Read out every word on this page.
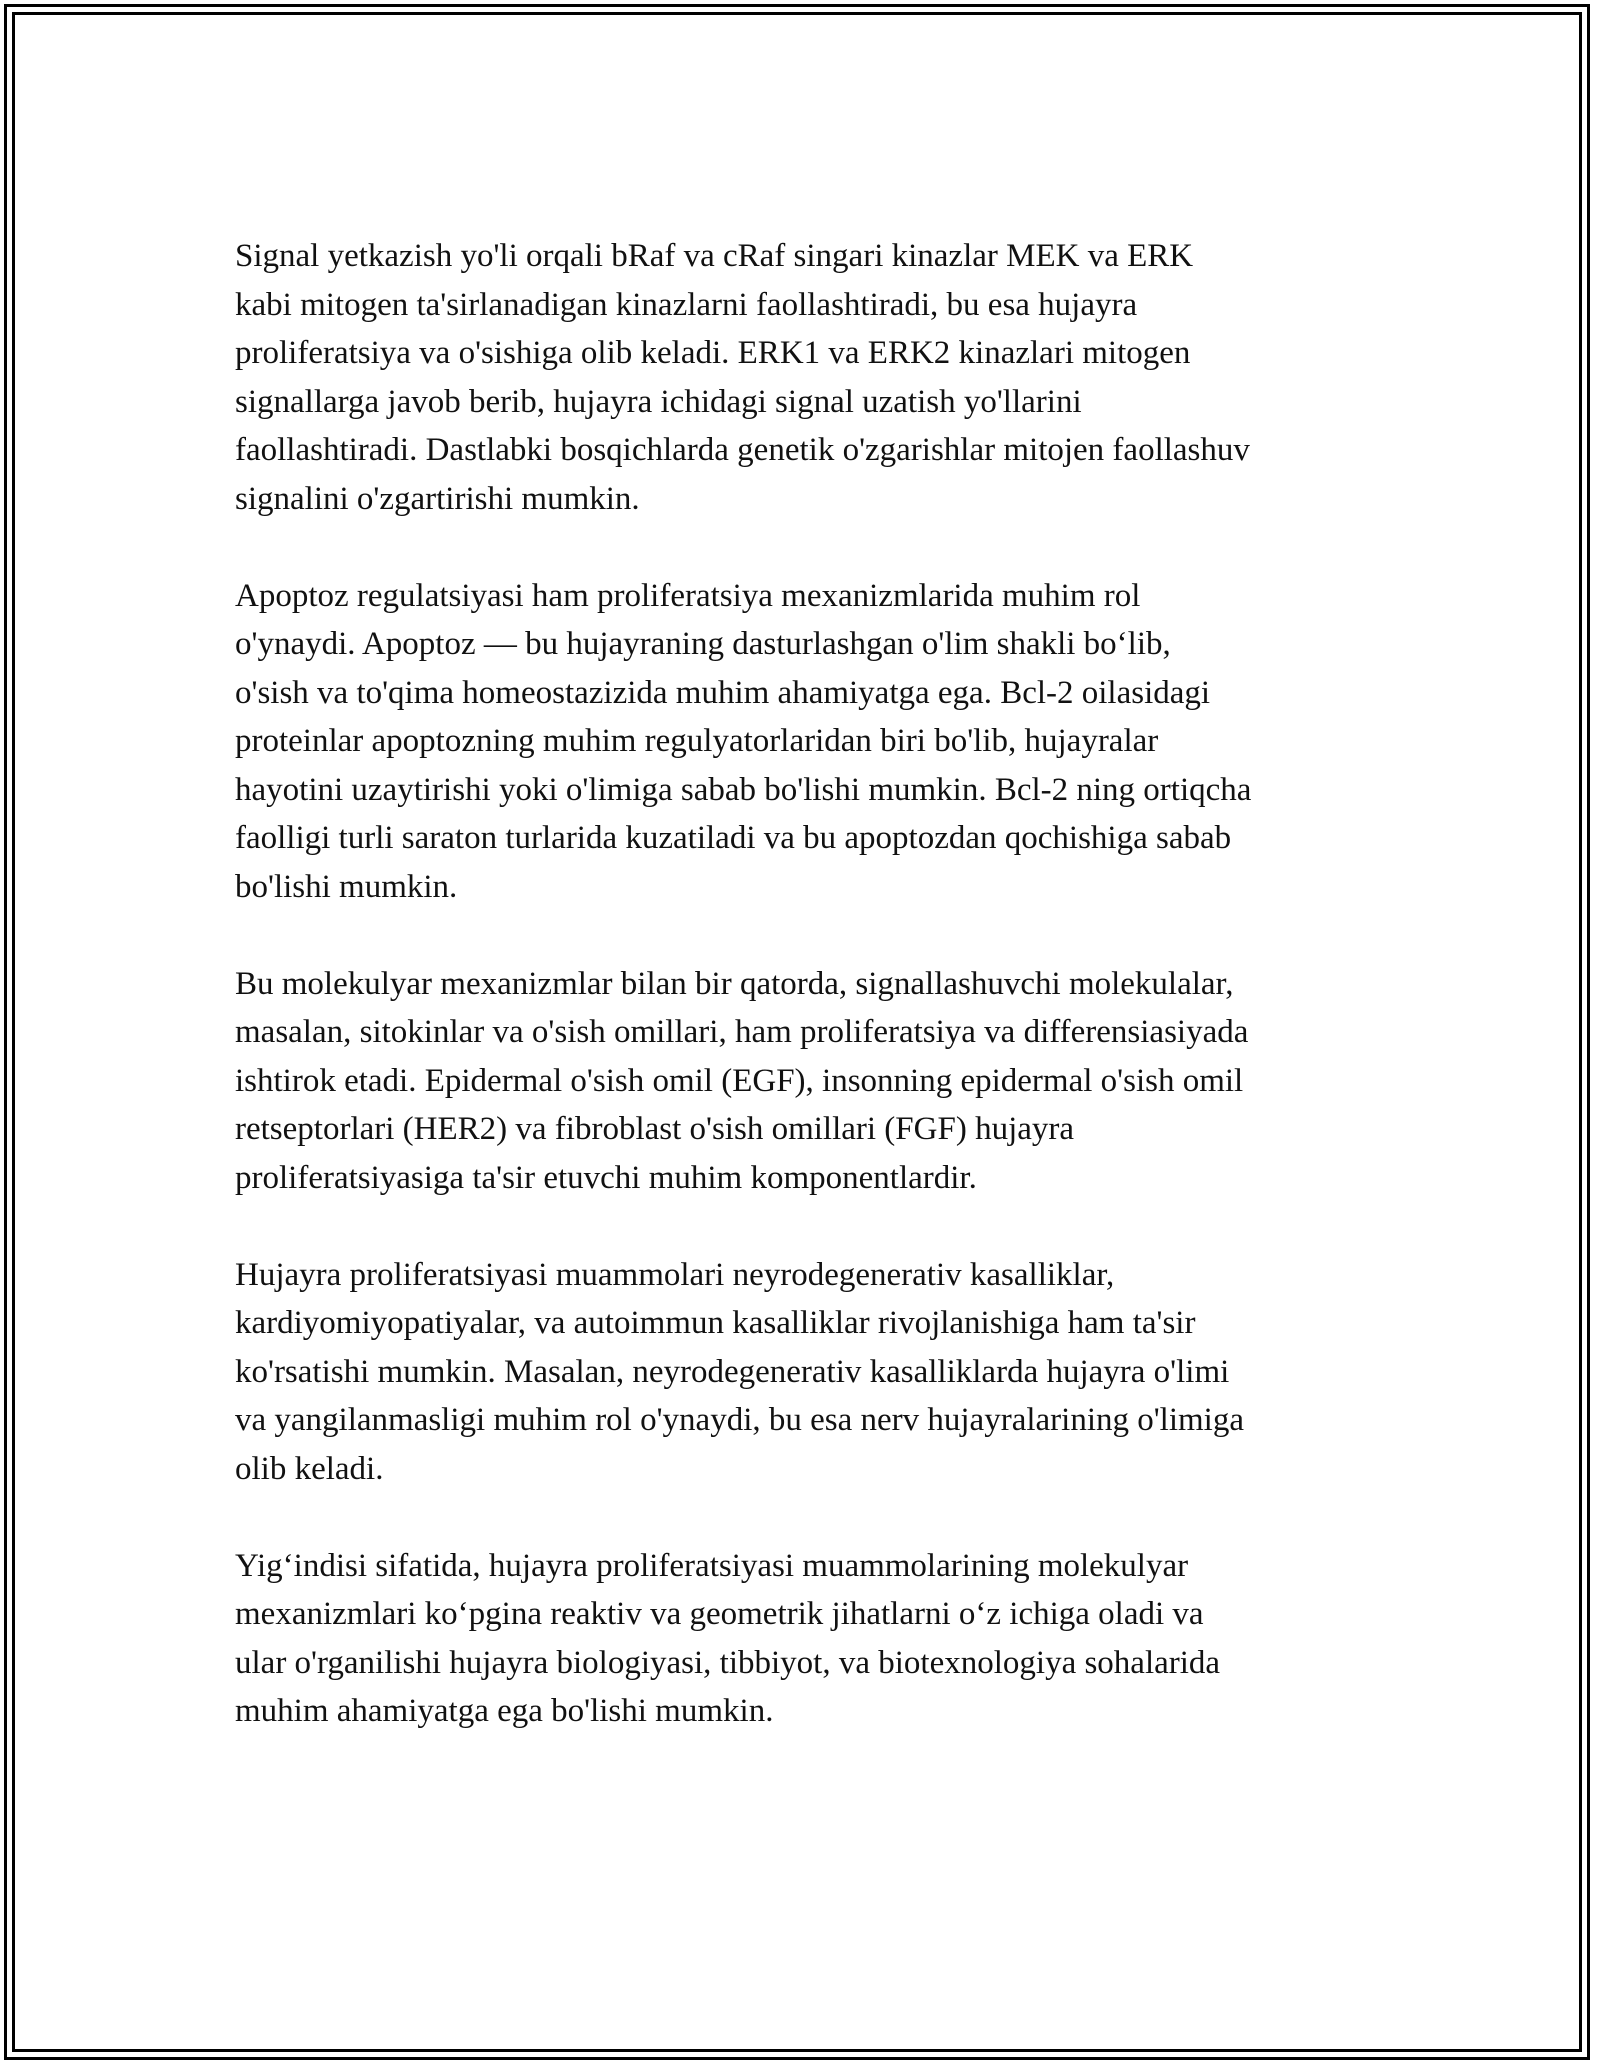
Signal yetkazish yo'li orqali bRaf va cRaf singari kinazlar MEK va ERK
kabi mitogen ta'sirlanadigan kinazlarni faollashtiradi, bu esa hujayra
proliferatsiya va o'sishiga olib keladi. ERK1 va ERK2 kinazlari mitogen
signallarga javob berib, hujayra ichidagi signal uzatish yo'llarini
faollashtiradi. Dastlabki bosqichlarda genetik o'zgarishlar mitojen faollashuv
signalini o'zgartirishi mumkin.

Apoptoz regulatsiyasi ham proliferatsiya mexanizmlarida muhim rol
o'ynaydi. Apoptoz — bu hujayraning dasturlashgan o'lim shakli boʻlib,
o'sish va to'qima homeostazizida muhim ahamiyatga ega. Bcl-2 oilasidagi
proteinlar apoptozning muhim regulyatorlaridan biri bo'lib, hujayralar
hayotini uzaytirishi yoki o'limiga sabab bo'lishi mumkin. Bcl-2 ning ortiqcha
faolligi turli saraton turlarida kuzatiladi va bu apoptozdan qochishiga sabab
bo'lishi mumkin.

Bu molekulyar mexanizmlar bilan bir qatorda, signallashuvchi molekulalar,
masalan, sitokinlar va o'sish omillari, ham proliferatsiya va differensiasiyada
ishtirok etadi. Epidermal o'sish omil (EGF), insonning epidermal o'sish omil
retseptorlari (HER2) va fibroblast o'sish omillari (FGF) hujayra
proliferatsiyasiga ta'sir etuvchi muhim komponentlardir.

Hujayra proliferatsiyasi muammolari neyrodegenerativ kasalliklar,
kardiyomiyopatiyalar, va autoimmun kasalliklar rivojlanishiga ham ta'sir
ko'rsatishi mumkin. Masalan, neyrodegenerativ kasalliklarda hujayra o'limi
va yangilanmasligi muhim rol o'ynaydi, bu esa nerv hujayralarining o'limiga
olib keladi.

Yigʻindisi sifatida, hujayra proliferatsiyasi muammolarining molekulyar
mexanizmlari koʻpgina reaktiv va geometrik jihatlarni oʻz ichiga oladi va
ular o'rganilishi hujayra biologiyasi, tibbiyot, va biotexnologiya sohalarida
muhim ahamiyatga ega bo'lishi mumkin.
